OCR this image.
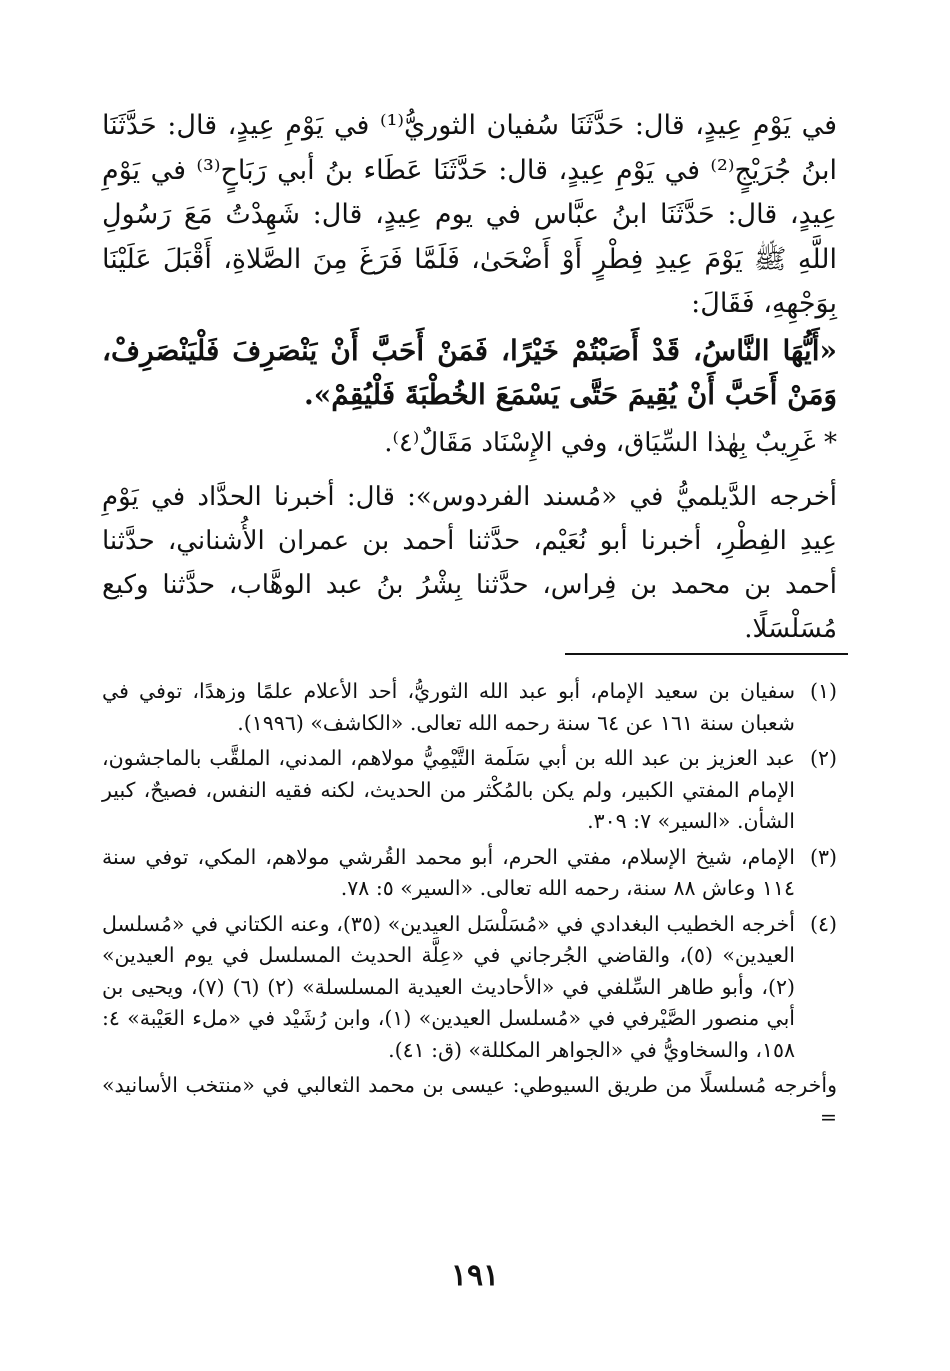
في يَوْمِ عِيدٍ، قال: حَدَّثَنَا سُفيان الثوريُّ⁽¹⁾ في يَوْمِ عِيدٍ، قال: حَدَّثَنَا ابنُ جُرَيْجٍ⁽²⁾ في يَوْمِ عِيدٍ، قال: حَدَّثَنَا عَطَاء بنُ أبي رَبَاحٍ⁽³⁾ في يَوْمِ عِيدٍ، قال: حَدَّثَنَا ابنُ عبَّاس في يوم عِيدٍ، قال: شَهِدْتُ مَعَ رَسُولِ اللَّهِ ﷺ يَوْمَ عِيدِ فِطْرٍ أَوْ أَضْحَىٰ، فَلَمَّا فَرَغَ مِنَ الصَّلاةِ، أَقْبَلَ عَلَيْنَا بِوَجْهِهِ، فَقَالَ:

«أَيُّهَا النَّاسُ، قَدْ أَصَبْتُمْ خَيْرًا، فَمَنْ أَحَبَّ أَنْ يَنْصَرِفَ فَلْيَنْصَرِفْ، وَمَنْ أَحَبَّ أَنْ يُقِيمَ حَتَّى يَسْمَعَ الخُطْبَةَ فَلْيُقِمْ».

* غَرِيبٌ بِهٰذا السِّيَاق، وفي الإِسْنَاد مَقَالٌ⁽٤⁾.

أخرجه الدَّيلميُّ في «مُسند الفردوس»: قال: أخبرنا الحدَّاد في يَوْمِ عِيدِ الفِطْرِ، أخبرنا أبو نُعَيْم، حدَّثنا أحمد بن عمران الأُشناني، حدَّثنا أحمد بن محمد بن فِراس، حدَّثنا بِشْرُ بنُ عبد الوهَّاب، حدَّثنا وكيع مُسَلْسَلًا.

(١)
سفيان بن سعيد الإمام، أبو عبد الله الثوريُّ، أحد الأعلام علمًا وزهدًا، توفي في شعبان سنة ١٦١ عن ٦٤ سنة رحمه الله تعالى. «الكاشف» (١٩٩٦).
(٢)
عبد العزيز بن عبد الله بن أبي سَلَمة التَّيْمِيُّ مولاهم، المدني، الملقَّب بالماجشون، الإمام المفتي الكبير، ولم يكن بالمُكْثر من الحديث، لكنه فقيه النفس، فصيحٌ، كبير الشأن. «السير» ٧: ٣٠٩.
(٣)
الإمام، شيخ الإسلام، مفتي الحرم، أبو محمد القُرشي مولاهم، المكي، توفي سنة ١١٤ وعاش ٨٨ سنة، رحمه الله تعالى. «السير» ٥: ٧٨.
(٤)
أخرجه الخطيب البغدادي في «مُسَلْسَل العيدين» (٣٥)، وعنه الكتاني في «مُسلسل العيدين» (٥)، والقاضي الجُرجاني في «عِلَّة الحديث المسلسل في يوم العيدين» (٢)، وأبو طاهر السِّلفي في «الأحاديث العيدية المسلسلة» (٢) (٦) (٧)، ويحيى بن أبي منصور الصَّيْرفي في «مُسلسل العيدين» (١)، وابن رُشَيْد في «ملء العَيْبة» ٤: ١٥٨، والسخاويُّ في «الجواهر المكللة» (ق: ٤١).

وأخرجه مُسلسلًا من طريق السيوطي: عيسى بن محمد الثعالبي في «منتخب الأسانيد» =

١٩١
